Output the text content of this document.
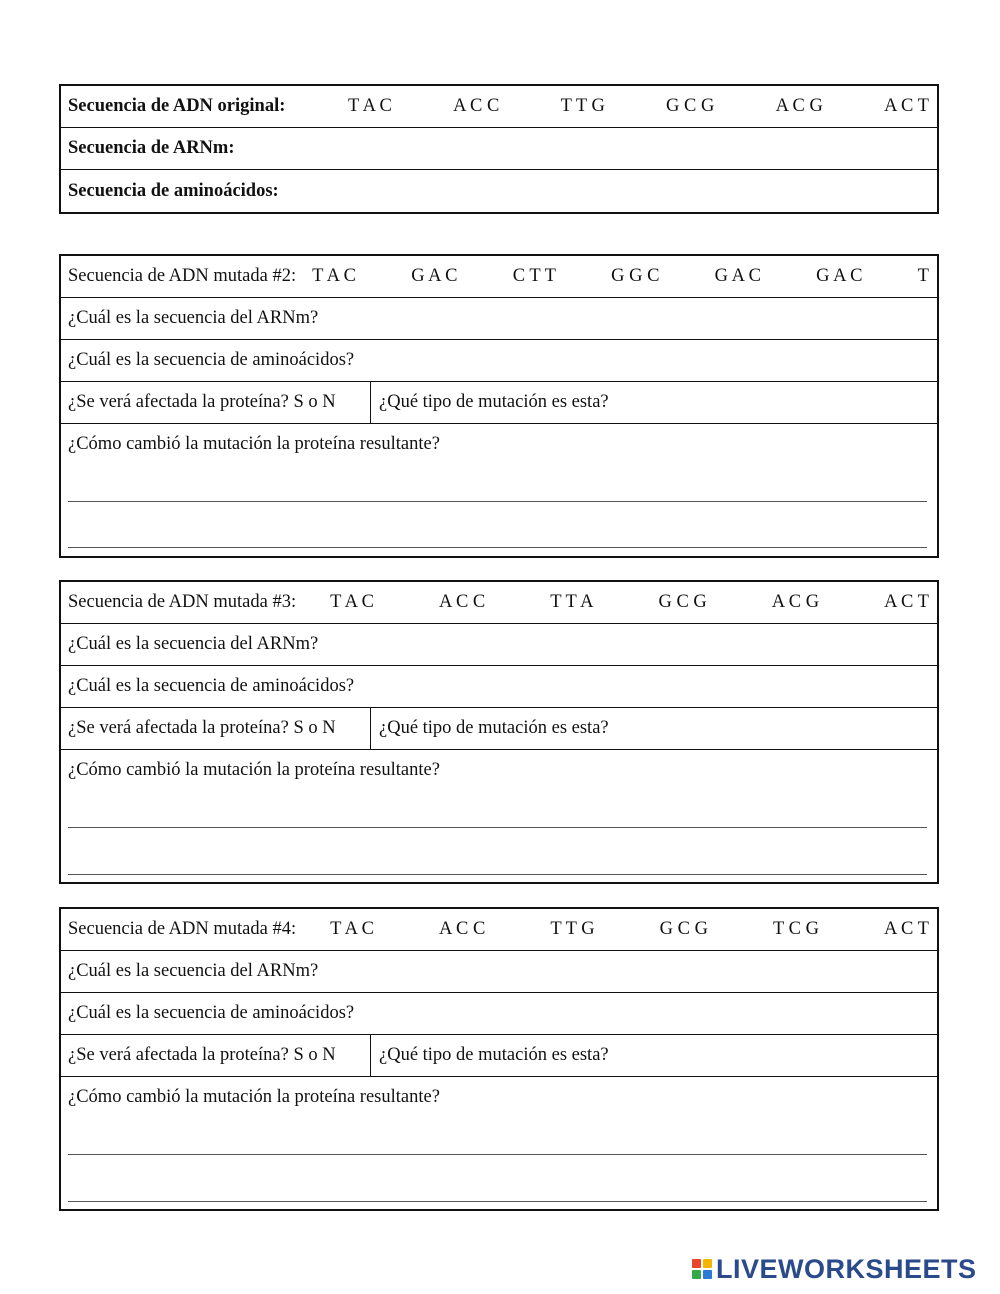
Secuencia de ADN original:	T A C	A C C	T T G	G C G	A C G	A C T
Secuencia de ARNm:
Secuencia de aminoácidos:
Secuencia de ADN mutada #2: T A C	G A C	C T T	G G C	G A C	G A C	T
¿Cuál es la secuencia del ARNm?
¿Cuál es la secuencia de aminoácidos?
¿Se verá afectada la proteína? S o N ¿Qué tipo de mutación es esta?
¿Cómo cambió la mutación la proteína resultante?
Secuencia de ADN mutada #3: T A C	A C C	T T A	G C G	A C G	A C T
¿Cuál es la secuencia del ARNm?
¿Cuál es la secuencia de aminoácidos?
¿Se verá afectada la proteína? S o N ¿Qué tipo de mutación es esta?
¿Cómo cambió la mutación la proteína resultante?
Secuencia de ADN mutada #4: T A C	A C C	T T G	G C G	T C G	A C T
¿Cuál es la secuencia del ARNm?
¿Cuál es la secuencia de aminoácidos?
¿Se verá afectada la proteína? S o N ¿Qué tipo de mutación es esta?
¿Cómo cambió la mutación la proteína resultante?
LIVEWORKSHEETS
